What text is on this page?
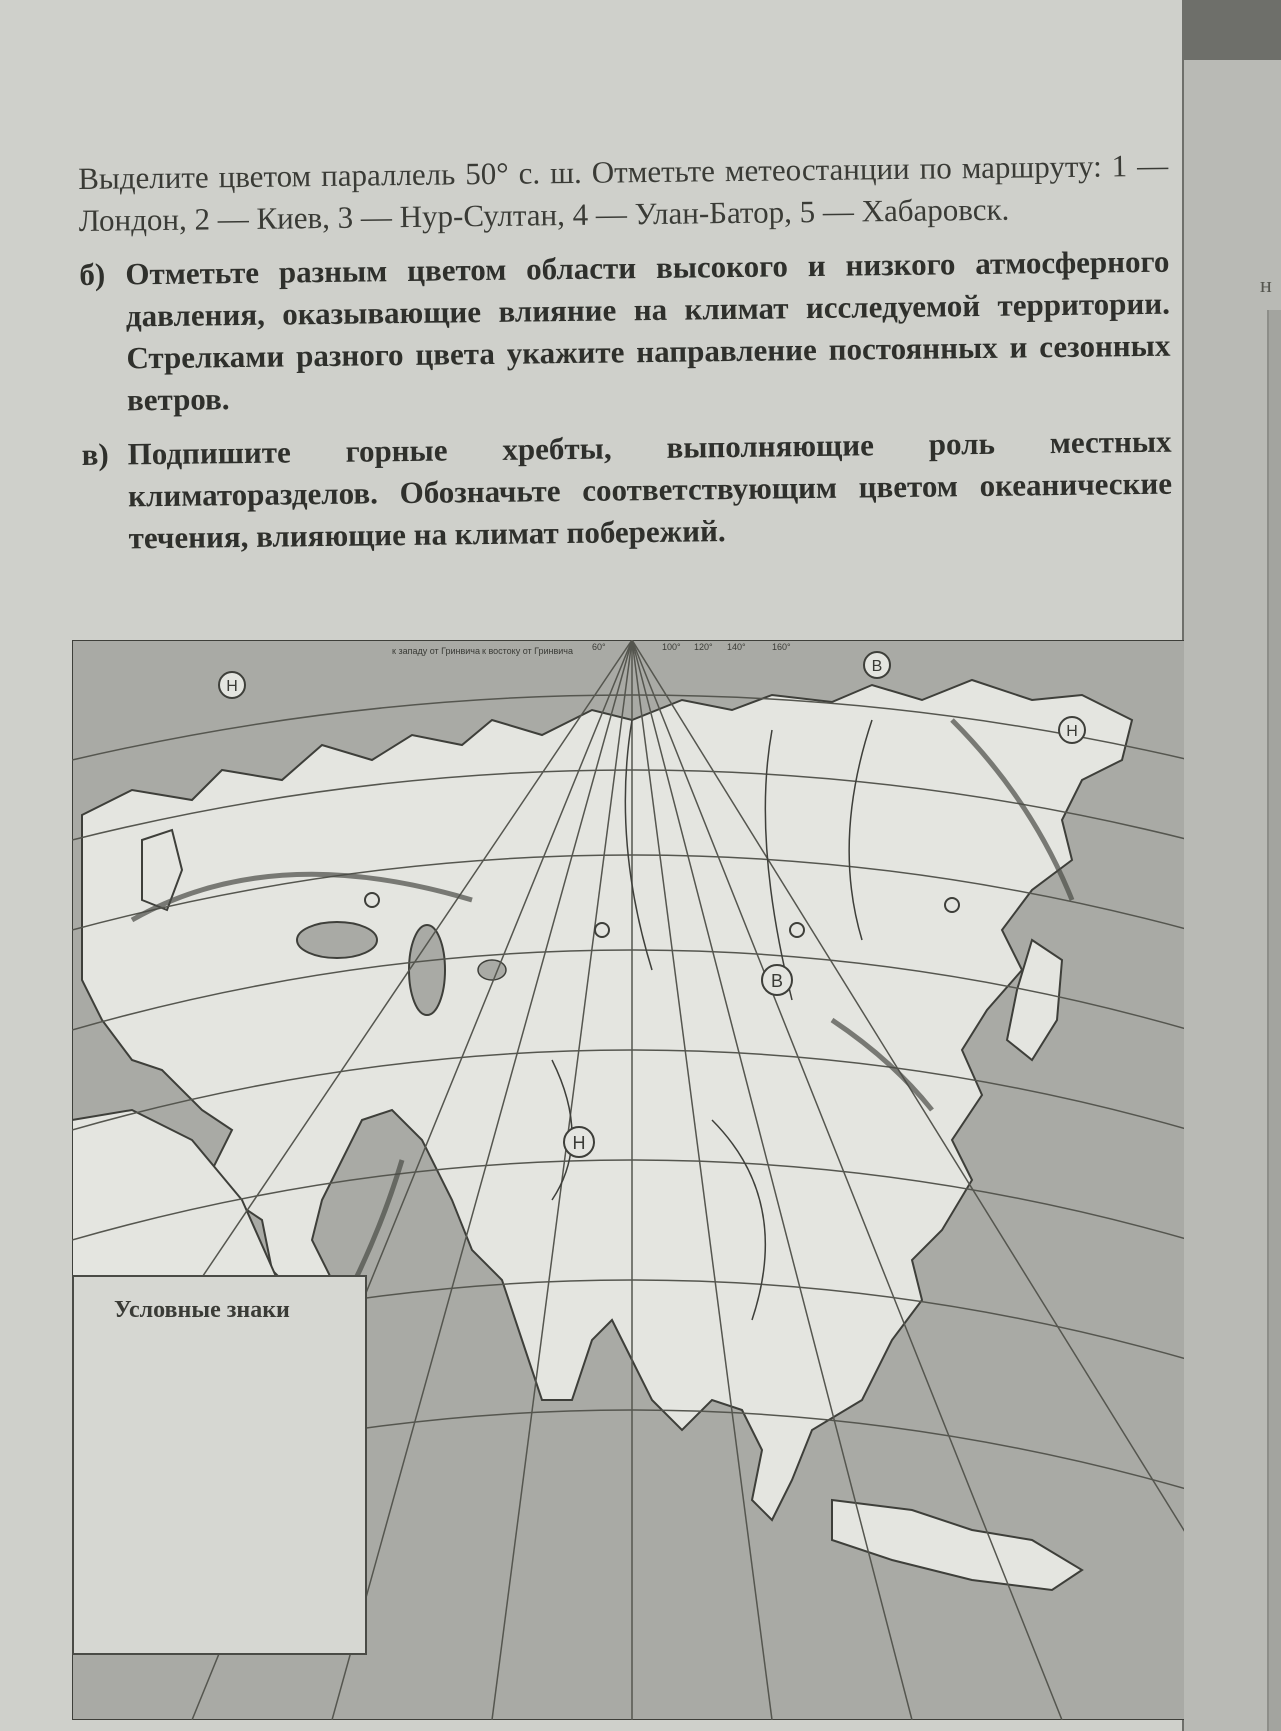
Выделите цветом параллель 50° с. ш. Отметьте метеостанции по маршруту: 1 — Лондон, 2 — Киев, 3 — Нур-Султан, 4 — Улан-Батор, 5 — Хабаровск.

б) Отметьте разным цветом области высокого и низкого атмосферного давления, оказывающие влияние на климат исследуемой территории. Стрелками разного цвета укажите направление постоянных и сезонных ветров.

в) Подпишите горные хребты, выполняющие роль местных климаторазделов. Обозначьте соответствующим цветом океанические течения, влияющие на климат побережий.

В
В
Н
Н
Н
к западу от Гринвича к востоку от Гринвича 60°	100° 120° 140°	160°
Условные знаки
н
